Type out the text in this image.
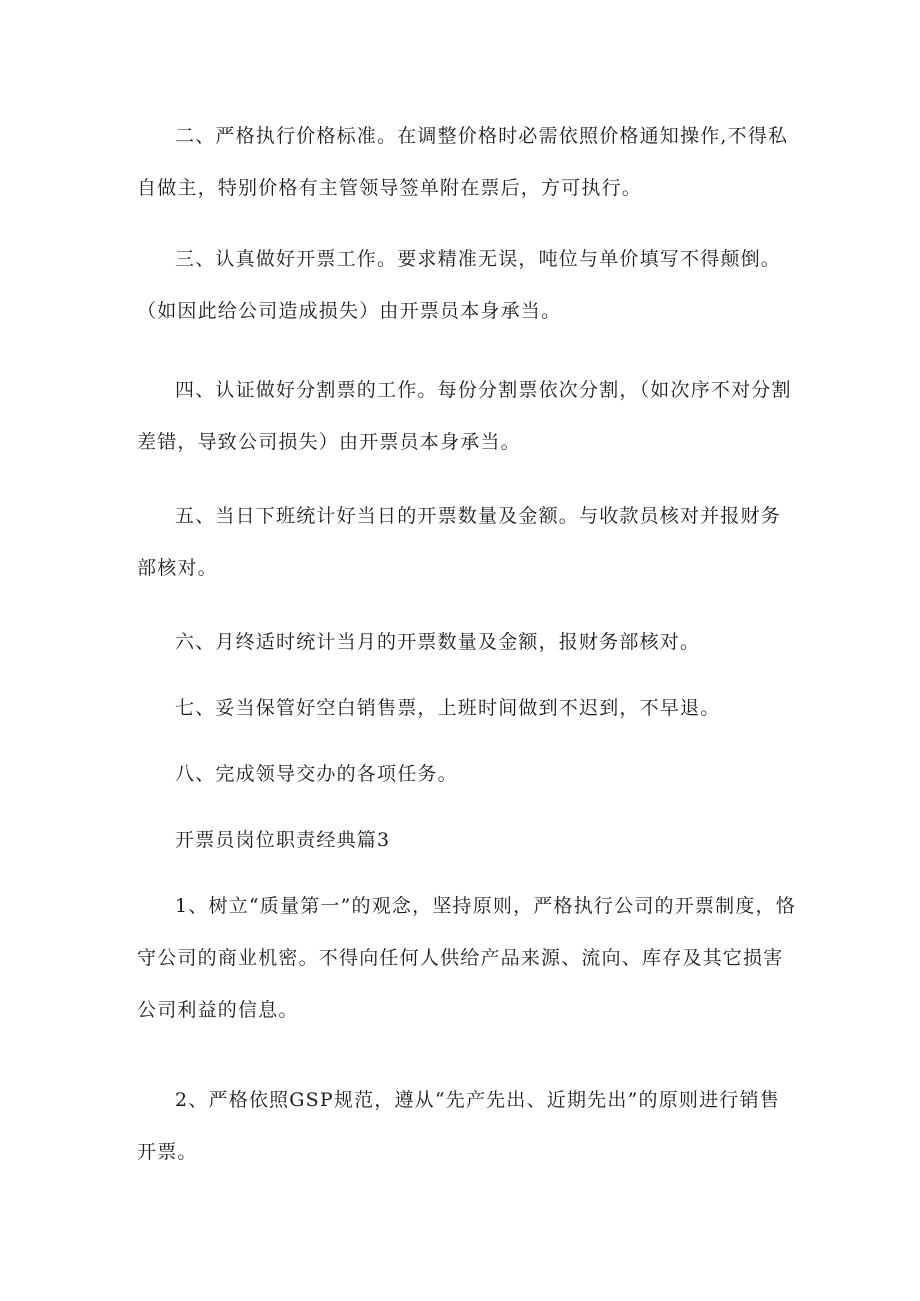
二、严格执行价格标准。在调整价格时必需依照价格通知操作,不得私自做主，特别价格有主管领导签单附在票后，方可执行。

三、认真做好开票工作。要求精准无误，吨位与单价填写不得颠倒。（如因此给公司造成损失）由开票员本身承当。

四、认证做好分割票的工作。每份分割票依次分割，（如次序不对分割差错，导致公司损失）由开票员本身承当。

五、当日下班统计好当日的开票数量及金额。与收款员核对并报财务部核对。

六、月终适时统计当月的开票数量及金额，报财务部核对。

七、妥当保管好空白销售票，上班时间做到不迟到，不早退。

八、完成领导交办的各项任务。

开票员岗位职责经典篇3

1、树立“质量第一”的观念，坚持原则，严格执行公司的开票制度，恪守公司的商业机密。不得向任何人供给产品来源、流向、库存及其它损害公司利益的信息。

2、严格依照GSP规范，遵从“先产先出、近期先出”的原则进行销售开票。
